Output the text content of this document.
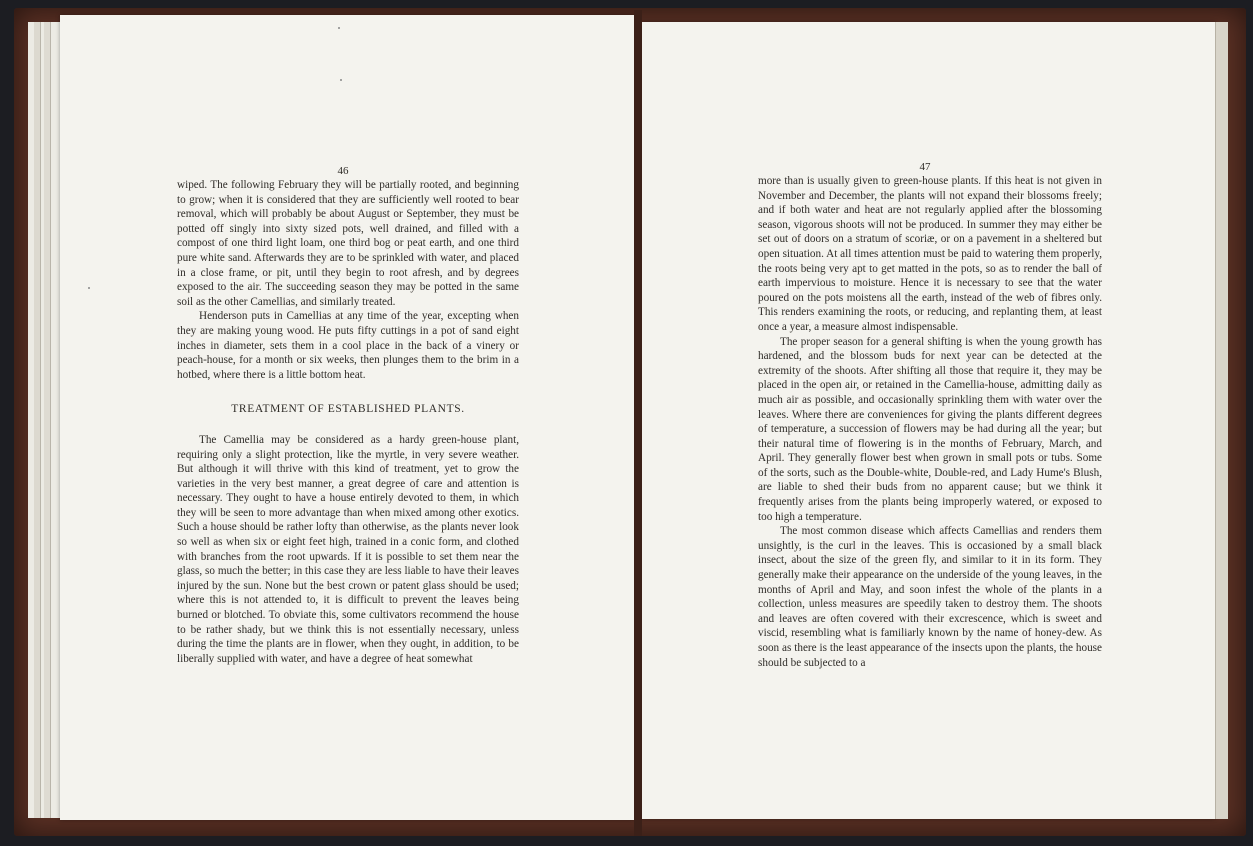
46

wiped. The following February they will be partially rooted, and beginning to grow; when it is considered that they are sufficiently well rooted to bear removal, which will probably be about August or September, they must be potted off singly into sixty sized pots, well drained, and filled with a compost of one third light loam, one third bog or peat earth, and one third pure white sand. Afterwards they are to be sprinkled with water, and placed in a close frame, or pit, until they begin to root afresh, and by degrees exposed to the air. The succeeding season they may be potted in the same soil as the other Camellias, and similarly treated.

Henderson puts in Camellias at any time of the year, excepting when they are making young wood. He puts fifty cuttings in a pot of sand eight inches in diameter, sets them in a cool place in the back of a vinery or peach-house, for a month or six weeks, then plunges them to the brim in a hotbed, where there is a little bottom heat.

TREATMENT OF ESTABLISHED PLANTS.

The Camellia may be considered as a hardy green-house plant, requiring only a slight protection, like the myrtle, in very severe weather. But although it will thrive with this kind of treatment, yet to grow the varieties in the very best manner, a great degree of care and attention is necessary. They ought to have a house entirely devoted to them, in which they will be seen to more advantage than when mixed among other exotics. Such a house should be rather lofty than otherwise, as the plants never look so well as when six or eight feet high, trained in a conic form, and clothed with branches from the root upwards. If it is possible to set them near the glass, so much the better; in this case they are less liable to have their leaves injured by the sun. None but the best crown or patent glass should be used; where this is not attended to, it is difficult to prevent the leaves being burned or blotched. To obviate this, some cultivators recommend the house to be rather shady, but we think this is not essentially necessary, unless during the time the plants are in flower, when they ought, in addition, to be liberally supplied with water, and have a degree of heat somewhat

47

more than is usually given to green-house plants. If this heat is not given in November and December, the plants will not expand their blossoms freely; and if both water and heat are not regularly applied after the blossoming season, vigorous shoots will not be produced. In summer they may either be set out of doors on a stratum of scoriæ, or on a pavement in a sheltered but open situation. At all times attention must be paid to watering them properly, the roots being very apt to get matted in the pots, so as to render the ball of earth impervious to moisture. Hence it is necessary to see that the water poured on the pots moistens all the earth, instead of the web of fibres only. This renders examining the roots, or reducing, and replanting them, at least once a year, a measure almost indispensable.

The proper season for a general shifting is when the young growth has hardened, and the blossom buds for next year can be detected at the extremity of the shoots. After shifting all those that require it, they may be placed in the open air, or retained in the Camellia-house, admitting daily as much air as possible, and occasionally sprinkling them with water over the leaves. Where there are conveniences for giving the plants different degrees of temperature, a succession of flowers may be had during all the year; but their natural time of flowering is in the months of February, March, and April. They generally flower best when grown in small pots or tubs. Some of the sorts, such as the Double-white, Double-red, and Lady Hume's Blush, are liable to shed their buds from no apparent cause; but we think it frequently arises from the plants being improperly watered, or exposed to too high a temperature.

The most common disease which affects Camellias and renders them unsightly, is the curl in the leaves. This is occasioned by a small black insect, about the size of the green fly, and similar to it in its form. They generally make their appearance on the underside of the young leaves, in the months of April and May, and soon infest the whole of the plants in a collection, unless measures are speedily taken to destroy them. The shoots and leaves are often covered with their excrescence, which is sweet and viscid, resembling what is familiarly known by the name of honey-dew. As soon as there is the least appearance of the insects upon the plants, the house should be subjected to a
